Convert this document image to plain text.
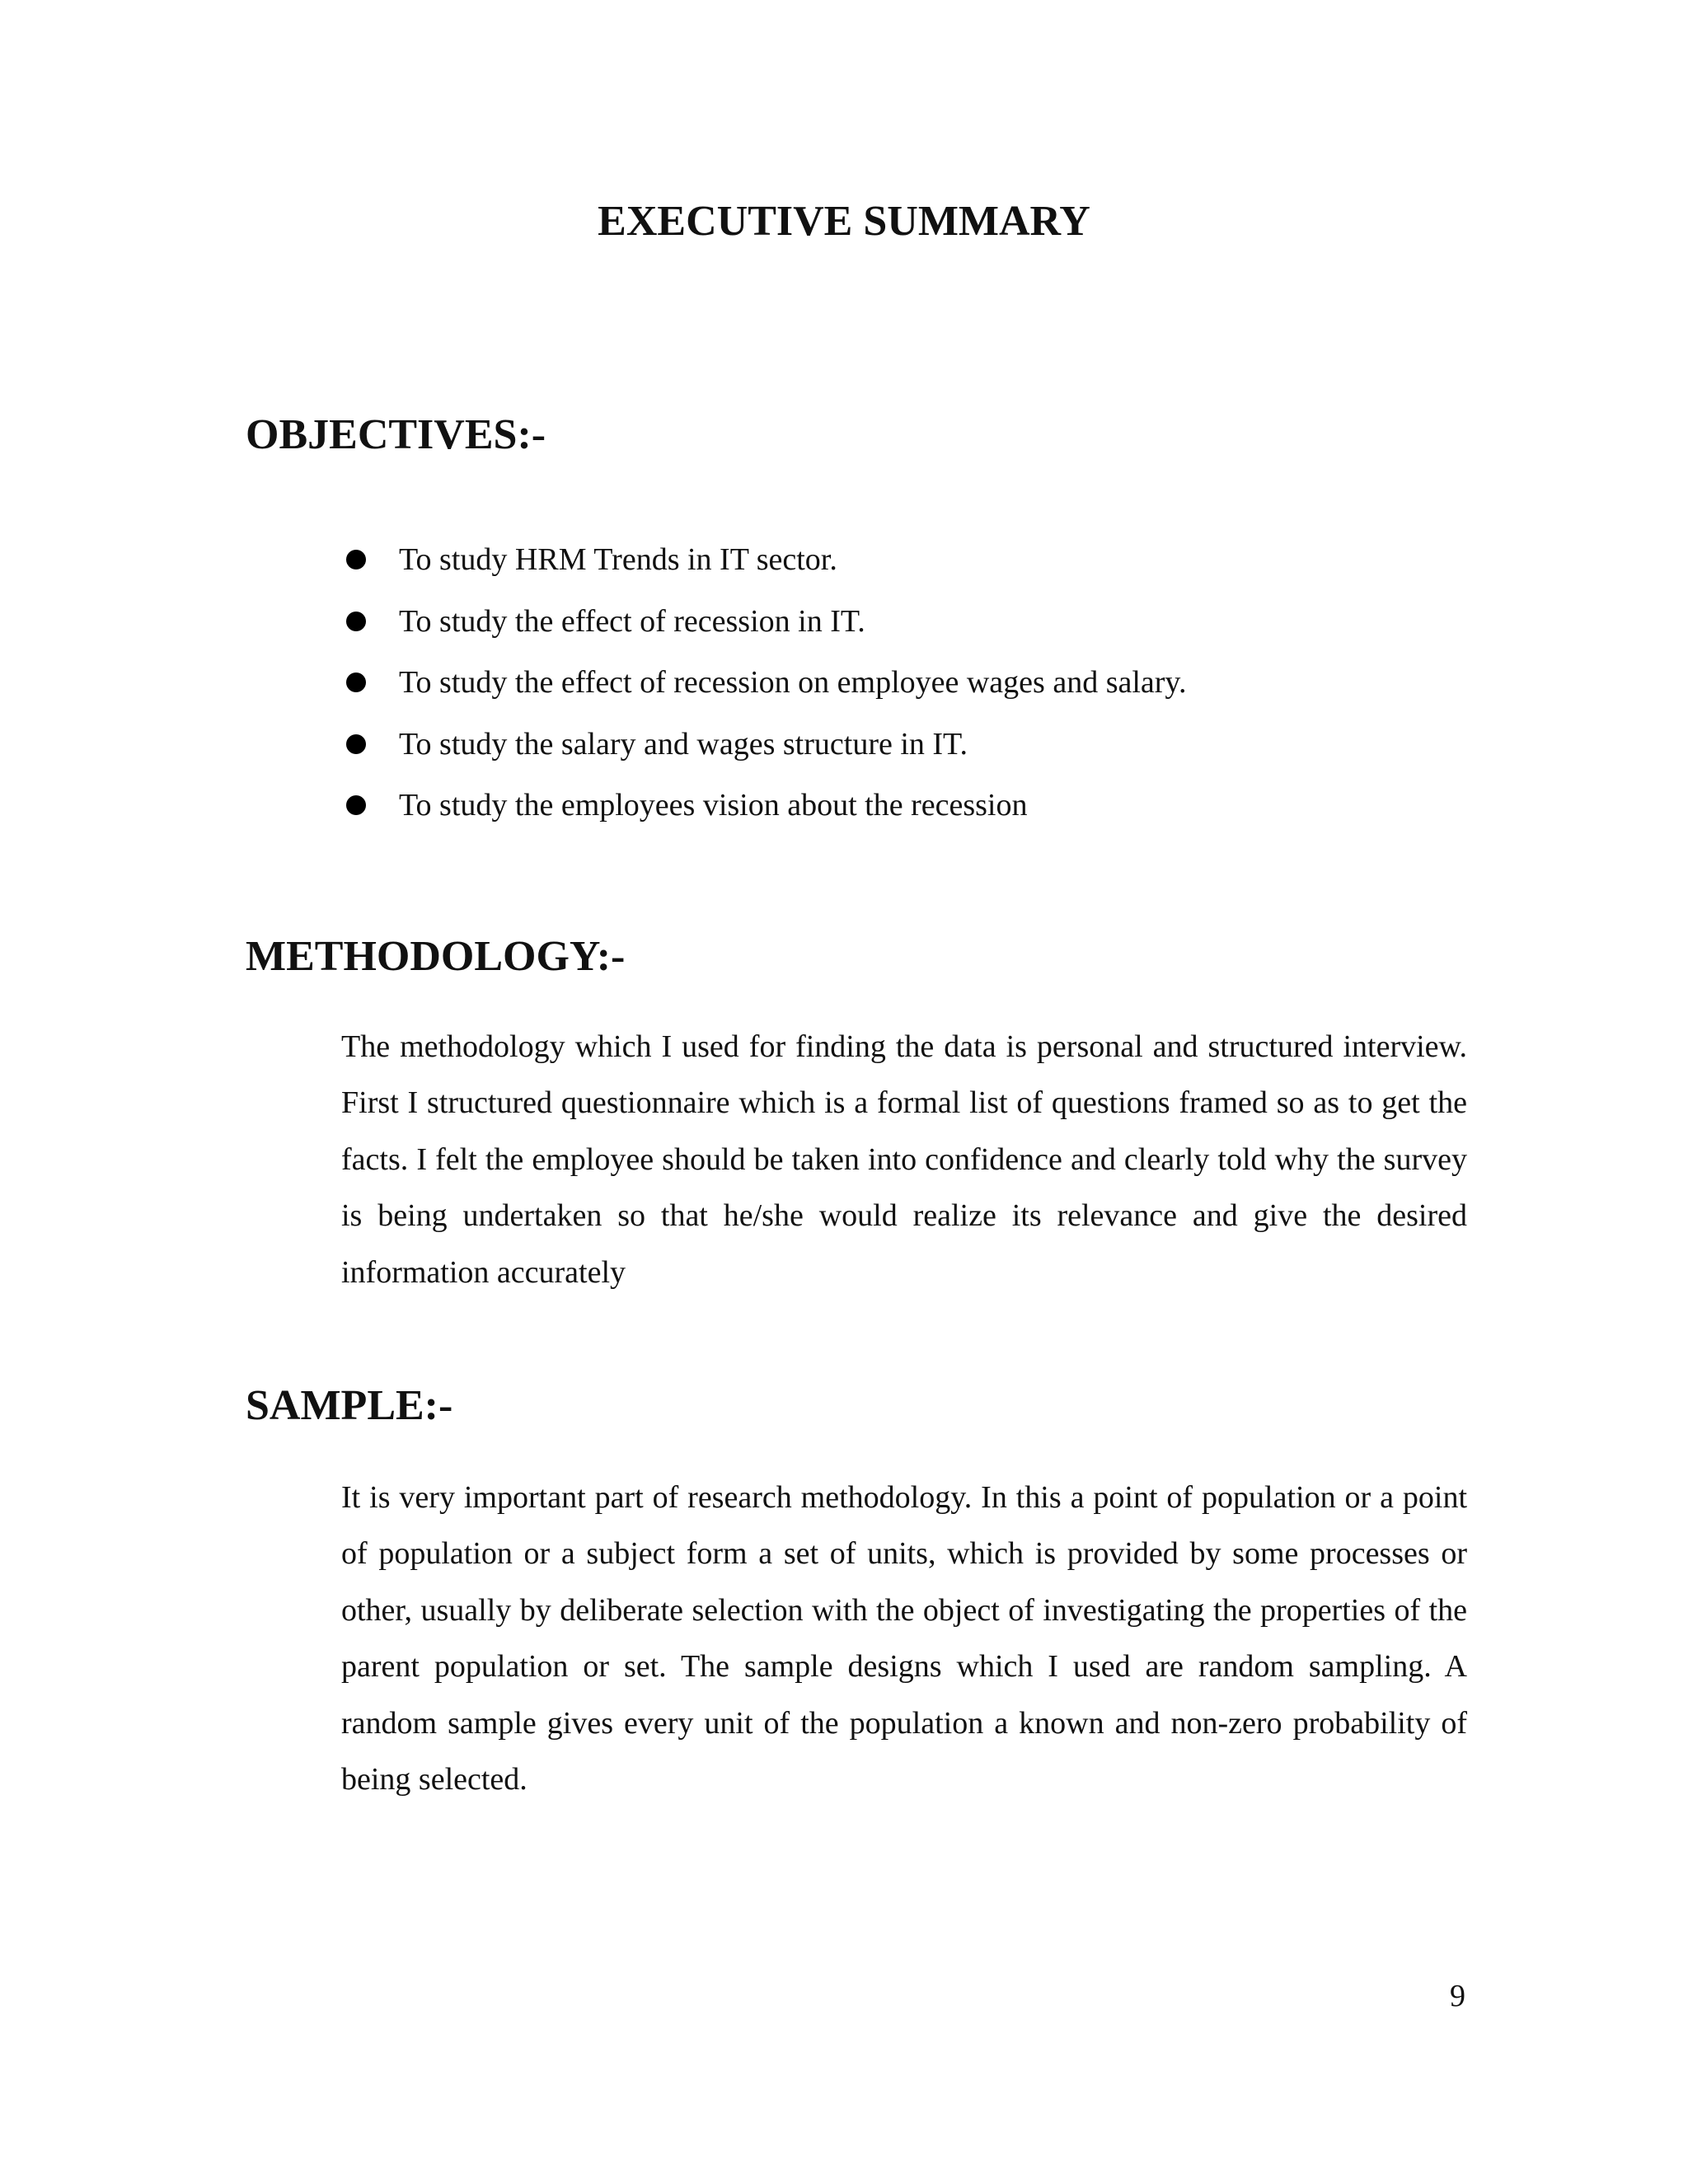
EXECUTIVE SUMMARY
OBJECTIVES:-
To study HRM Trends in IT sector.
To study the effect of recession in IT.
To study the effect of recession on employee wages and salary.
To study the salary and wages structure in IT.
To study the employees vision about the recession
METHODOLOGY:-

The methodology which I used for finding the data is personal and structured interview. First I structured questionnaire which is a formal list of questions framed so as to get the facts. I felt the employee should be taken into confidence and clearly told why the survey is being undertaken so that he/she would realize its relevance and give the desired information accurately

SAMPLE:-

It is very important part of research methodology. In this a point of population or a point of population or a subject form a set of units, which is provided by some processes or other, usually by deliberate selection with the object of investigating the properties of the parent population or set. The sample designs which I used are random sampling. A random sample gives every unit of the population a known and non-zero probability of being selected.

9
